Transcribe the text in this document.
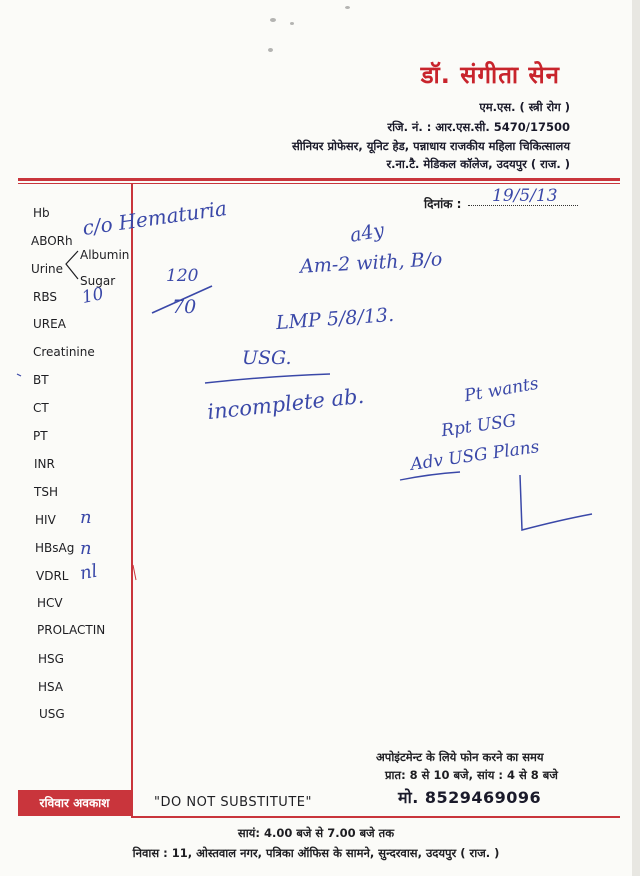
डॉ. संगीता सेन
एम.एस. ( स्त्री रोग )
रजि. नं. : आर.एस.सी. 5470/17500
सीनियर प्रोफेसर, यूनिट हेड, पन्नाधाय राजकीय महिला चिकित्सालय
र.ना.टै. मेडिकल कॉलेज, उदयपुर ( राज. )
Hb
ABORh
Urine
Albumin
Sugar
RBS
UREA
Creatinine
BT
CT
PT
INR
TSH
HIV
HBsAg
VDRL
HCV
PROLACTIN
HSG
HSA
USG
दिनांक : 19/5/13
c/o Hematuria	a4y
Am-2 with, B/o
120
70	LMP 5/8/13.
USG.
incomplete ab.	Pt wants
Rpt USG
Adv USG Plans
10
n
n
nl
अपोइंटमेन्ट के लिये फोन करने का समय
प्रात: 8 से 10 बजे, सांय : 4 से 8 बजे
मो. 8529469096
रविवार अवकाश	"DO NOT SUBSTITUTE"
सायं: 4.00 बजे से 7.00 बजे तक
निवास : 11, ओस्तवाल नगर, पत्रिका ऑफिस के सामने, सुन्दरवास, उदयपुर ( राज. )
